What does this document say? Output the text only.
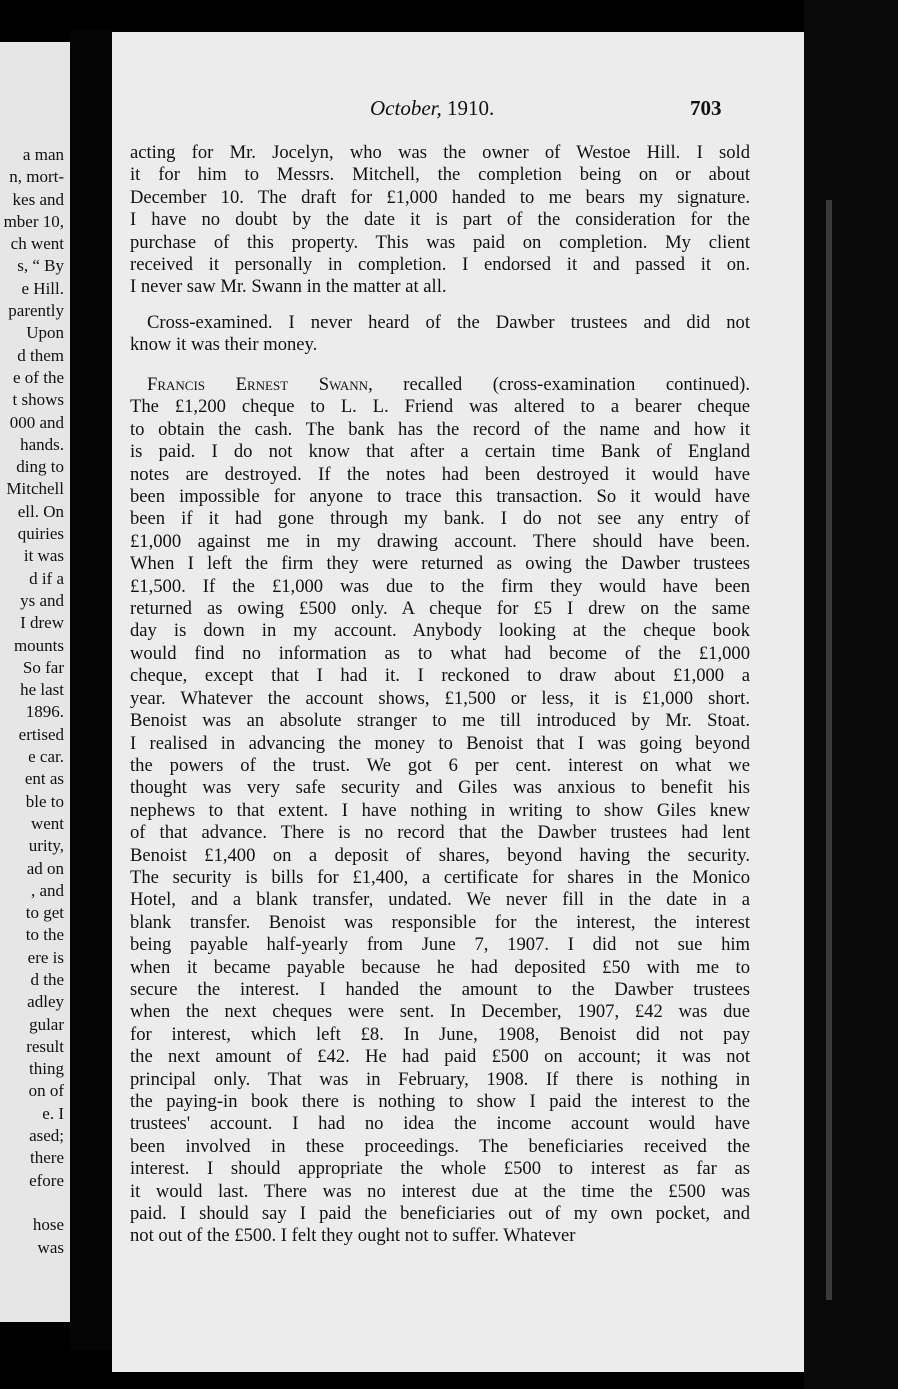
a man
n, mort-
kes and
mber 10,
ch went
s, “ By
e Hill.
parently
Upon
d them
e of the
t shows
000 and
hands.
ding to
Mitchell
ell. On
quiries
it was
d if a
ys and
I drew
mounts
So far
he last
1896.
ertised
e car.
ent as
ble to
went
urity,
ad on
, and
to get
to the
ere is
d the
adley
gular
result
thing
on of
e. I
ased;
there
efore

hose
was
October, 1910.	703
acting for Mr. Jocelyn, who was the owner of Westoe Hill. I sold
it for him to Messrs. Mitchell, the completion being on or about
December 10. The draft for £1,000 handed to me bears my signature.
I have no doubt by the date it is part of the consideration for the
purchase of this property. This was paid on completion. My client
received it personally in completion. I endorsed it and passed it on.
I never saw Mr. Swann in the matter at all.
Cross-examined. I never heard of the Dawber trustees and did not
know it was their money.
Francis Ernest Swann, recalled (cross-examination continued).
The £1,200 cheque to L. L. Friend was altered to a bearer cheque
to obtain the cash. The bank has the record of the name and how it
is paid. I do not know that after a certain time Bank of England
notes are destroyed. If the notes had been destroyed it would have
been impossible for anyone to trace this transaction. So it would have
been if it had gone through my bank. I do not see any entry of
£1,000 against me in my drawing account. There should have been.
When I left the firm they were returned as owing the Dawber trustees
£1,500. If the £1,000 was due to the firm they would have been
returned as owing £500 only. A cheque for £5 I drew on the same
day is down in my account. Anybody looking at the cheque book
would find no information as to what had become of the £1,000
cheque, except that I had it. I reckoned to draw about £1,000 a
year. Whatever the account shows, £1,500 or less, it is £1,000 short.
Benoist was an absolute stranger to me till introduced by Mr. Stoat.
I realised in advancing the money to Benoist that I was going beyond
the powers of the trust. We got 6 per cent. interest on what we
thought was very safe security and Giles was anxious to benefit his
nephews to that extent. I have nothing in writing to show Giles knew
of that advance. There is no record that the Dawber trustees had lent
Benoist £1,400 on a deposit of shares, beyond having the security.
The security is bills for £1,400, a certificate for shares in the Monico
Hotel, and a blank transfer, undated. We never fill in the date in a
blank transfer. Benoist was responsible for the interest, the interest
being payable half-yearly from June 7, 1907. I did not sue him
when it became payable because he had deposited £50 with me to
secure the interest. I handed the amount to the Dawber trustees
when the next cheques were sent. In December, 1907, £42 was due
for interest, which left £8. In June, 1908, Benoist did not pay
the next amount of £42. He had paid £500 on account; it was not
principal only. That was in February, 1908. If there is nothing in
the paying-in book there is nothing to show I paid the interest to the
trustees' account. I had no idea the income account would have
been involved in these proceedings. The beneficiaries received the
interest. I should appropriate the whole £500 to interest as far as
it would last. There was no interest due at the time the £500 was
paid. I should say I paid the beneficiaries out of my own pocket, and
not out of the £500. I felt they ought not to suffer. Whatever
